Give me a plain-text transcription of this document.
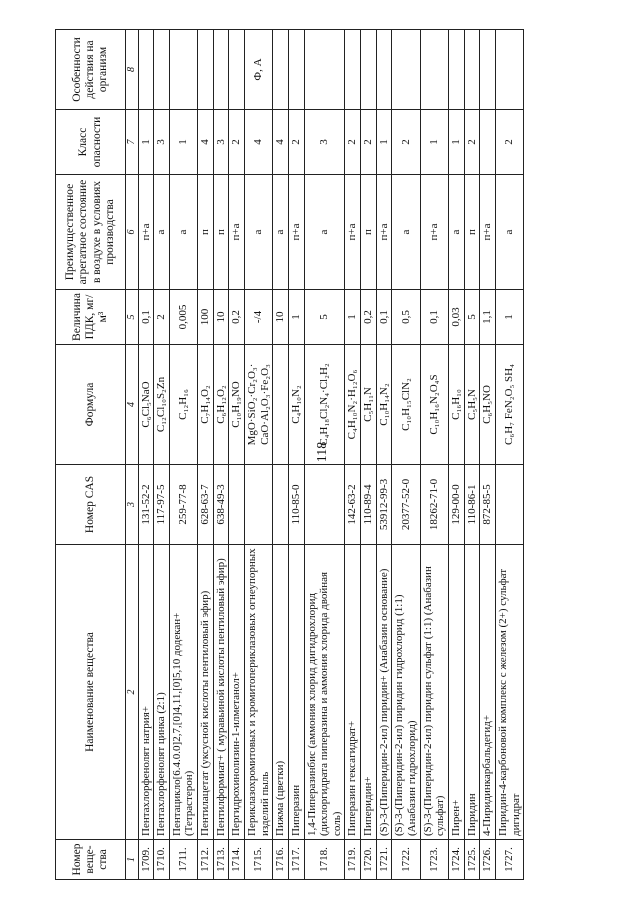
118
Номер веще-ства	Наименование вещества	Номер CAS	Формула	Величина ПДК, мг/м³	Преимущественное агрегатное состояние в воздухе в условиях производства	Класс опасности	Особенности действия на организм
1	2	3	4	5	6	7	8
1709.	Пентахлорфенолят натрия+	131-52-2	C₆Cl₅NaO	0,1	п+а	1	
1710.	Пентахлорфенолят цинка (2:1)	117-97-5	C₁₂Cl₁₀S₂Zn	2	а	3	
1711.	Пентацикло[6.4.0.0]2,7,[0]4,11,[0]5,10 додекан+ (Тетрастерон)	259-77-8	C₁₂H₁₆	0,005	а	1	
1712.	Пентилацетат (уксусной кислоты пентиловый эфир)	628-63-7	C₇H₁₄O₂	100	п	4	
1713.	Пентилформиат+ ( муравьиной кислоты пентиловый эфир)	638-49-3	C₆H₁₂O₂	10	п	3	
1714.	Пергидрохинолизин-1-илметанол+		C₁₀H₁₉NO	0,2	п+а	2	
1715.	Периклазохромитовых и хромитопериклазовых огнеупорных изделий пыль		MgO·SiO₂·Cr₂O₃· CaO·Al₂O₃·Fe₂O₃	-/4	а	4	Ф, А
1716.	Пижма (цветки)			10	а	4	
1717.	Пиперазин	110-85-0	C₄H₁₀N₂	1	п+а	2	
1718.	1,4-Пиперазинбис (аммония хлорид дигидрохлорид (дихлоргидрата пиперазина и аммония хлорида двойная соль)		C₄H₁₈Cl₂N₄·Cl₂H₂	5	а	3	
1719.	Пиперазин гексагидрат+	142-63-2	C₄H₁₀N₂·H₁₂O₆	1	п+а	2	
1720.	Пиперидин+	110-89-4	C₅H₁₁N	0,2	п	2	
1721.	(S)-3-(Пиперидин-2-ил) пиридин+ (Анабазин основание)	53912-99-3	C₁₀H₁₄N₂	0,1	п+а	1	
1722.	(S)-3-(Пиперидин-2-ил) пиридин гидрохлорид (1:1) (Анабазин гидрохлорид)	20377-52-0	C₁₀H₁₅ClN₂	0,5	а	2	
1723.	(S)-3-(Пиперидин-2-ил) пиридин сульфат (1:1) (Анабазин сульфат)	18262-71-0	C₁₀H₁₆N₂O₄S	0,1	п+а	1	
1724.	Пирен+	129-00-0	C₁₆H₁₀	0,03	а	1	
1725.	Пиридин	110-86-1	C₅H₅N	5	п	2	
1726.	4-Пиридинкарбальдегид+	872-85-5	C₆H₅NO	1,1	п+а		
1727.	Пиридин-4-карбоновой комплекс с железом (2+) сульфат дигидрат		C₆H₇ FeN₂O₅ SH₄	1	а	2	
